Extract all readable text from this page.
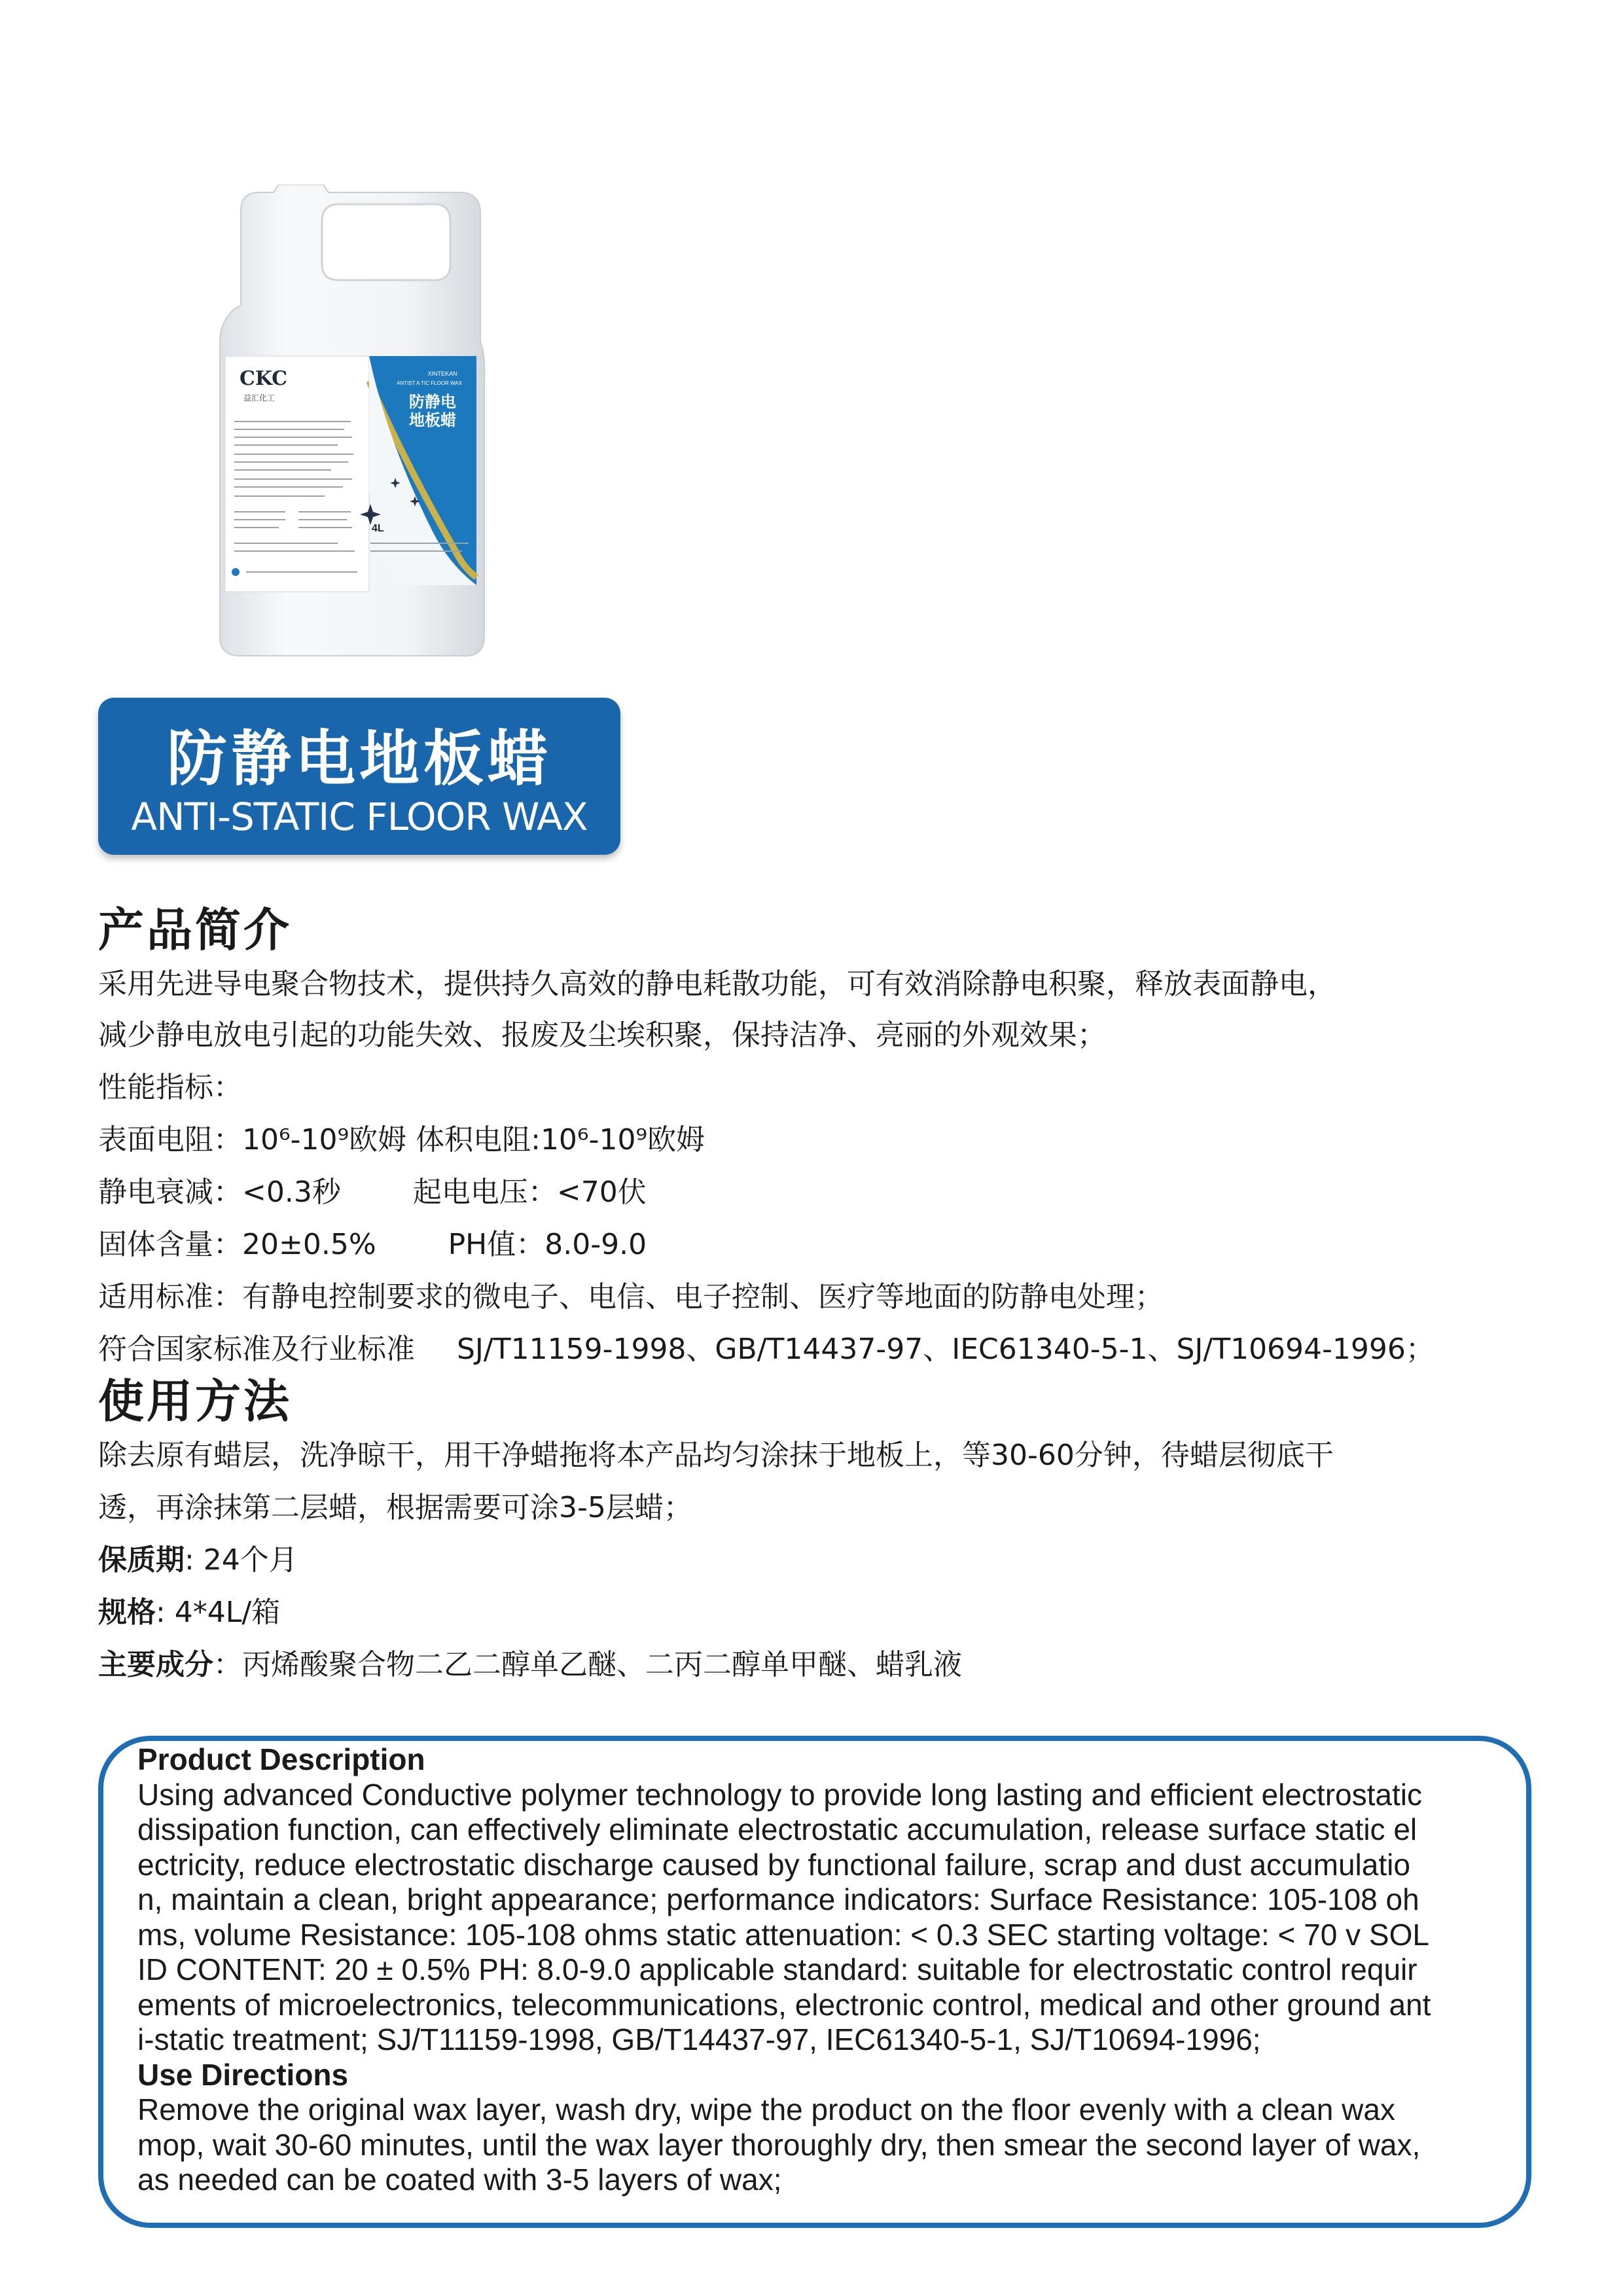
CKC
益汇化工
XINTEKAN
ANTIST A TIC FLOOR WAX
防静电
地板蜡
4L
防静电地板蜡
ANTI-STATIC FLOOR WAX
产品简介
采用先进导电聚合物技术，提供持久高效的静电耗散功能，可有效消除静电积聚，释放表面静电，
减少静电放电引起的功能失效、报废及尘埃积聚，保持洁净、亮丽的外观效果；
性能指标：
表面电阻：10⁶-10⁹欧姆 体积电阻:10⁶-10⁹欧姆
静电衰减：<0.3秒	起电电压：<70伏
固体含量：20±0.5%	PH值：8.0-9.0
适用标准：有静电控制要求的微电子、电信、电子控制、医疗等地面的防静电处理；
符合国家标准及行业标准 SJ/T11159-1998、GB/T14437-97、IEC61340-5-1、SJ/T10694-1996；
使用方法
除去原有蜡层，洗净晾干，用干净蜡拖将本产品均匀涂抹于地板上，等30-60分钟，待蜡层彻底干
透，再涂抹第二层蜡，根据需要可涂3-5层蜡；
保质期: 24个月
规格: 4*4L/箱
主要成分：丙烯酸聚合物二乙二醇单乙醚、二丙二醇单甲醚、蜡乳液
Product Description
Using advanced Conductive polymer technology to provide long lasting and efficient electrostatic
dissipation function, can effectively eliminate electrostatic accumulation, release surface static el
ectricity, reduce electrostatic discharge caused by functional failure, scrap and dust accumulatio
n, maintain a clean, bright appearance; performance indicators: Surface Resistance: 105-108 oh
ms, volume Resistance: 105-108 ohms static attenuation: < 0.3 SEC starting voltage: < 70 v SOL
ID CONTENT: 20 ± 0.5% PH: 8.0-9.0 applicable standard: suitable for electrostatic control requir
ements of microelectronics, telecommunications, electronic control, medical and other ground ant
i-static treatment; SJ/T11159-1998, GB/T14437-97, IEC61340-5-1, SJ/T10694-1996;
Use Directions
Remove the original wax layer, wash dry, wipe the product on the floor evenly with a clean wax
mop, wait 30-60 minutes, until the wax layer thoroughly dry, then smear the second layer of wax,
as needed can be coated with 3-5 layers of wax;
